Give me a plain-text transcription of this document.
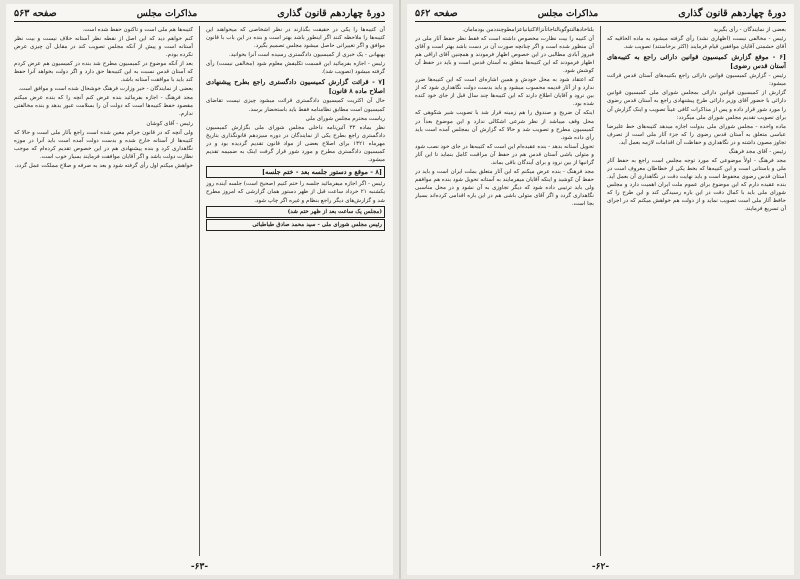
دورهٔ چهاردهم قانون گذاری
مذاکرات مجلس
صفحه ۵۶۳

آن کتیبه‌ها را یکی در حقیقت بگذارند در نظر اشخاصی که میخواهند این کتیبه‌ها را ملاحظه کنند اگر اینطور باشد بهتر است و بنده در این باب با قانون موافق و اگر تغییراتی حاصل میشود مجلس تصمیم بگیرد.

بهبهانی - یک خبری از کمیسیون دادگستری رسیده است آنرا بخوانید.

رئیس - اجازه بفرمائید این قسمت تکلیفش معلوم شود (مخالفی نیست) رأی گرفته میشود (تصویب شد).

[۷ - قرائت گزارش کمیسیون دادگستری راجع بطرح پیشنهادی اصلاح ماده ۸ قانون]

حال آن اکثریت کمیسیون دادگستری قرائت میشود چیزی نیست تقاضای کمیسیون است مطابق نظامنامه فقط باید باستحضار برسد.

ریاست محترم مجلس شورای ملی

نظر بماده ۳۳ آئین‌نامه داخلی مجلس شورای ملی بگزارش کمیسیون دادگستری راجع بطرح یکی از نمایندگان در دوره سیزدهم قانونگذاری بتاریخ مهرماه ۱۳۲۱ برای اصلاح بعضی از مواد قانون تقدیم گردیده بود و در کمیسیون دادگستری مطرح و مورد شور قرار گرفت اینک به ضمیمه تقدیم میشود.

[۸ - موقع و دستور جلسه بعد - ختم جلسه]

رئیس - اگر اجازه میفرمائید جلسه را ختم کنیم (صحیح است) جلسه آینده روز یکشنبه ۲۱ خرداد ساعت قبل از ظهر دستور همان گزارشی که امروز مطرح شد و گزارش‌های دیگر راجع بنظام و غیره اگر چاپ شود.

(مجلس یک ساعت بعد از ظهر ختم شد)

رئیس مجلس شورای ملی - سید محمد صادق طباطبائی

کتیبه‌ها هم ملی است و تاکنون حفظ شده است.

کنم خواهم دید که این اصل از نقطه نظر آستانه خلاف نیست و بیت نظر آستانه است و پیش از آنکه مجلس تصویب کند در مقابل آن چیزی عرض نکرده بودم.

بعد از آنکه موضوع در کمیسیون مطرح شد بنده در کمیسیون هم عرض کردم که آستان قدس نسبت به این کتیبه‌ها حق دارد و اگر دولت بخواهد آنرا حفظ کند باید با موافقت آستانه باشد.

بعضی از نمایندگان - خیر وزارت فرهنگ خوشحال شده است و موافق است.

مجد فرهنگ - اجازه بفرمائید بنده عرض کنم آنچه را که بنده عرض میکنم مقصود حفظ کتیبه‌ها است که دولت آن را بسلامت عبور بدهد و بنده مخالفتی ندارم.

رئیس - آقای کوشان

ولی آنچه که در قانون جرائم معین شده است راجع بآثار ملی است و حالا که کتیبه‌ها از آستانه خارج شده و بدست دولت آمده است باید آنرا در موزه نگاهداری کرد و بنده پیشنهادی هم در این خصوص تقدیم کرده‌ام که موجب نظارت دولت باشد و اگر آقایان موافقت فرمایند بسیار خوب است.

خواهش میکنم اول رأی گرفته شود و بعد به صرفه و صلاح مملکت عمل گردد.

-۶۳-
دورهٔ چهاردهم قانون گذاری
مذاکرات مجلس
صفحه ۵۶۲

بعضی از نمایندگان - رأی بگیرید

رئیس - مخالفی نیست (اظهاری نشد) رأی گرفته میشود به ماده الحاقیه که آقای حشمتی آقایان موافقین قیام فرمایند (اکثر برخاستند) تصویب شد.

[۶ - موقع گزارش کمیسیون قوانین دارائی راجع به کتیبه‌های آستان قدس رضوی]

رئیس - گزارش کمیسیون قوانین دارائی راجع بکتیبه‌های آستان قدس قرائت میشود:

گزارش از کمیسیون قوانین دارائی بمجلس شورای ملی کمیسیون قوانین دارائی با حضور آقای وزیر دارائی طرح پیشنهادی راجع به آستان قدس رضوی را مورد شور قرار داده و پس از مذاکرات کافی عیناً تصویب و اینک گزارش آن برای تصویب تقدیم مجلس شورای ملی میگردد:

ماده واحده - مجلس شورای ملی بدولت اجازه میدهد کتیبه‌های خط علیرضا عباسی متعلق به آستان قدس رضوی را که جزء آثار ملی است از تصرف تجاوز مصون داشته و در نگاهداری و حفاظت آن اقدامات لازمه بعمل آید.

رئیس - آقای مجد فرهنگ

مجد فرهنگ - اولاً موضوعی که مورد توجه مجلس است راجع به حفظ آثار ملی و باستانی است و این کتیبه‌ها که بخط یکی از خطاطان معروف است در آستان قدس رضوی محفوظ است و باید نهایت دقت در نگاهداری آن بعمل آید. بنده عقیده دارم که این موضوع برای عموم ملت ایران اهمیت دارد و مجلس شورای ملی باید با کمال دقت در این باره رسیدگی کند و این طرح را که حافظ آثار ملی است تصویب نماید و از دولت هم خواهش میکنم که در اجرای آن تسریع فرمایند.

بلتاخادهالنتوگوبالتاجاتآنزالاکتیانیاعزامطوچنددمن بودمامان.

آن کتیبه را بیت نظارت مخصوص داشته است که فقط نظر حفظ آثار ملی در آن منظور شده است و اگر چنانچه صورت آن در دست باشد بهتر است و آقای فیروز آبادی مطالبی در این خصوص اظهار فرمودند و همچنین آقای اراقی هم اظهار فرمودند که این کتیبه‌ها متعلق به آستان قدس است و باید در حفظ آن کوشش شود.

که اعتقاد شود به محل خودش و همین اشاره‌ای است که این کتیبه‌ها ضرر ندارد و از آثار قدیمه محسوب میشود و باید بدست دولت نگاهداری شود که از بین نرود و آقایان اطلاع دارند که این کتیبه‌ها چند سال قبل از جای خود کنده شده بود.

اینکه آن ضریح و صندوق را هم زمینه قرار شد با تصویب شیر شکوهی که محل وقف میباشد از نظر شرعی اشکالی ندارد و این موضوع بعداً در کمیسیون مطرح و تصویب شد و حالا که گزارش آن بمجلس آمده است باید رأی داده شود.

تحویل آستانه بدهد - بنده عقیده‌ام این است که کتیبه‌ها در جای خود نصب شود و متولی باشی آستان قدس هم در حفظ آن مراقبت کامل بنماید تا این آثار گرانبها از بین نرود و برای آیندگان باقی بماند.

مجد فرهنگ - بنده عرض میکنم که این آثار متعلق بملت ایران است و باید در حفظ آن کوشید و اینکه آقایان میفرمایند به آستانه تحویل شود بنده هم موافقم ولی باید ترتیبی داده شود که دیگر تجاوزی به آن نشود و در محل مناسبی نگاهداری گردد و اگر آقای متولی باشی هم در این باره اقدامی کرده‌اند بسیار بجا است.

-۶۲-
